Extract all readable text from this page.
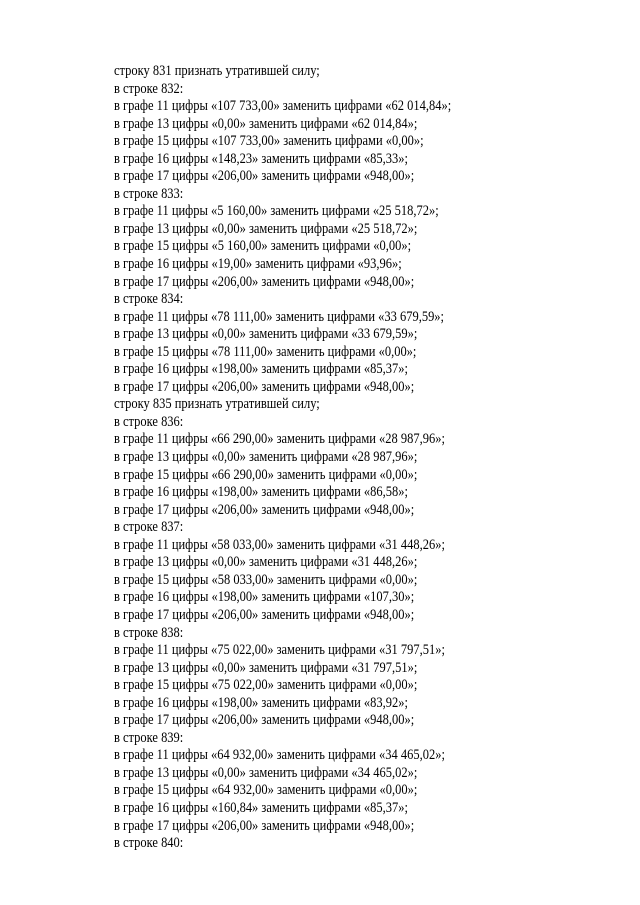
строку 831 признать утратившей силу;
в строке 832:
в графе 11 цифры «107 733,00» заменить цифрами «62 014,84»;
в графе 13 цифры «0,00» заменить цифрами «62 014,84»;
в графе 15 цифры «107 733,00» заменить цифрами «0,00»;
в графе 16 цифры «148,23» заменить цифрами «85,33»;
в графе 17 цифры «206,00» заменить цифрами «948,00»;
в строке 833:
в графе 11 цифры «5 160,00» заменить цифрами «25 518,72»;
в графе 13 цифры «0,00» заменить цифрами «25 518,72»;
в графе 15 цифры «5 160,00» заменить цифрами «0,00»;
в графе 16 цифры «19,00» заменить цифрами «93,96»;
в графе 17 цифры «206,00» заменить цифрами «948,00»;
в строке 834:
в графе 11 цифры «78 111,00» заменить цифрами «33 679,59»;
в графе 13 цифры «0,00» заменить цифрами «33 679,59»;
в графе 15 цифры «78 111,00» заменить цифрами «0,00»;
в графе 16 цифры «198,00» заменить цифрами «85,37»;
в графе 17 цифры «206,00» заменить цифрами «948,00»;
строку 835 признать утратившей силу;
в строке 836:
в графе 11 цифры «66 290,00» заменить цифрами «28 987,96»;
в графе 13 цифры «0,00» заменить цифрами «28 987,96»;
в графе 15 цифры «66 290,00» заменить цифрами «0,00»;
в графе 16 цифры «198,00» заменить цифрами «86,58»;
в графе 17 цифры «206,00» заменить цифрами «948,00»;
в строке 837:
в графе 11 цифры «58 033,00» заменить цифрами «31 448,26»;
в графе 13 цифры «0,00» заменить цифрами «31 448,26»;
в графе 15 цифры «58 033,00» заменить цифрами «0,00»;
в графе 16 цифры «198,00» заменить цифрами «107,30»;
в графе 17 цифры «206,00» заменить цифрами «948,00»;
в строке 838:
в графе 11 цифры «75 022,00» заменить цифрами «31 797,51»;
в графе 13 цифры «0,00» заменить цифрами «31 797,51»;
в графе 15 цифры «75 022,00» заменить цифрами «0,00»;
в графе 16 цифры «198,00» заменить цифрами «83,92»;
в графе 17 цифры «206,00» заменить цифрами «948,00»;
в строке 839:
в графе 11 цифры «64 932,00» заменить цифрами «34 465,02»;
в графе 13 цифры «0,00» заменить цифрами «34 465,02»;
в графе 15 цифры «64 932,00» заменить цифрами «0,00»;
в графе 16 цифры «160,84» заменить цифрами «85,37»;
в графе 17 цифры «206,00» заменить цифрами «948,00»;
в строке 840:
